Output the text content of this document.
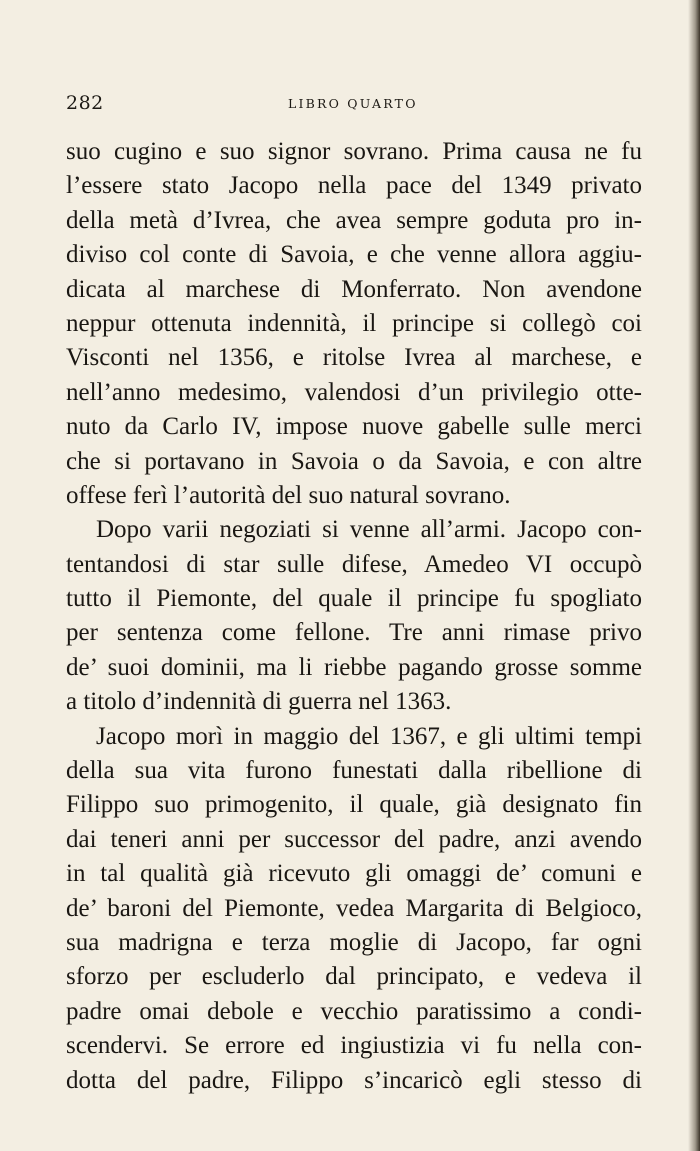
282	LIBRO QUARTO
suo cugino e suo signor sovrano. Prima causa ne fu
l’essere stato Jacopo nella pace del 1349 privato
della metà d’Ivrea, che avea sempre goduta pro in-
diviso col conte di Savoia, e che venne allora aggiu-
dicata al marchese di Monferrato. Non avendone
neppur ottenuta indennità, il principe si collegò coi
Visconti nel 1356, e ritolse Ivrea al marchese, e
nell’anno medesimo, valendosi d’un privilegio otte-
nuto da Carlo IV, impose nuove gabelle sulle merci
che si portavano in Savoia o da Savoia, e con altre
offese ferì l’autorità del suo natural sovrano.
Dopo varii negoziati si venne all’armi. Jacopo con-
tentandosi di star sulle difese, Amedeo VI occupò
tutto il Piemonte, del quale il principe fu spogliato
per sentenza come fellone. Tre anni rimase privo
de’ suoi dominii, ma li riebbe pagando grosse somme
a titolo d’indennità di guerra nel 1363.
Jacopo morì in maggio del 1367, e gli ultimi tempi
della sua vita furono funestati dalla ribellione di
Filippo suo primogenito, il quale, già designato fin
dai teneri anni per successor del padre, anzi avendo
in tal qualità già ricevuto gli omaggi de’ comuni e
de’ baroni del Piemonte, vedea Margarita di Belgioco,
sua madrigna e terza moglie di Jacopo, far ogni
sforzo per escluderlo dal principato, e vedeva il
padre omai debole e vecchio paratissimo a condi-
scendervi. Se errore ed ingiustizia vi fu nella con-
dotta del padre, Filippo s’incaricò egli stesso di
